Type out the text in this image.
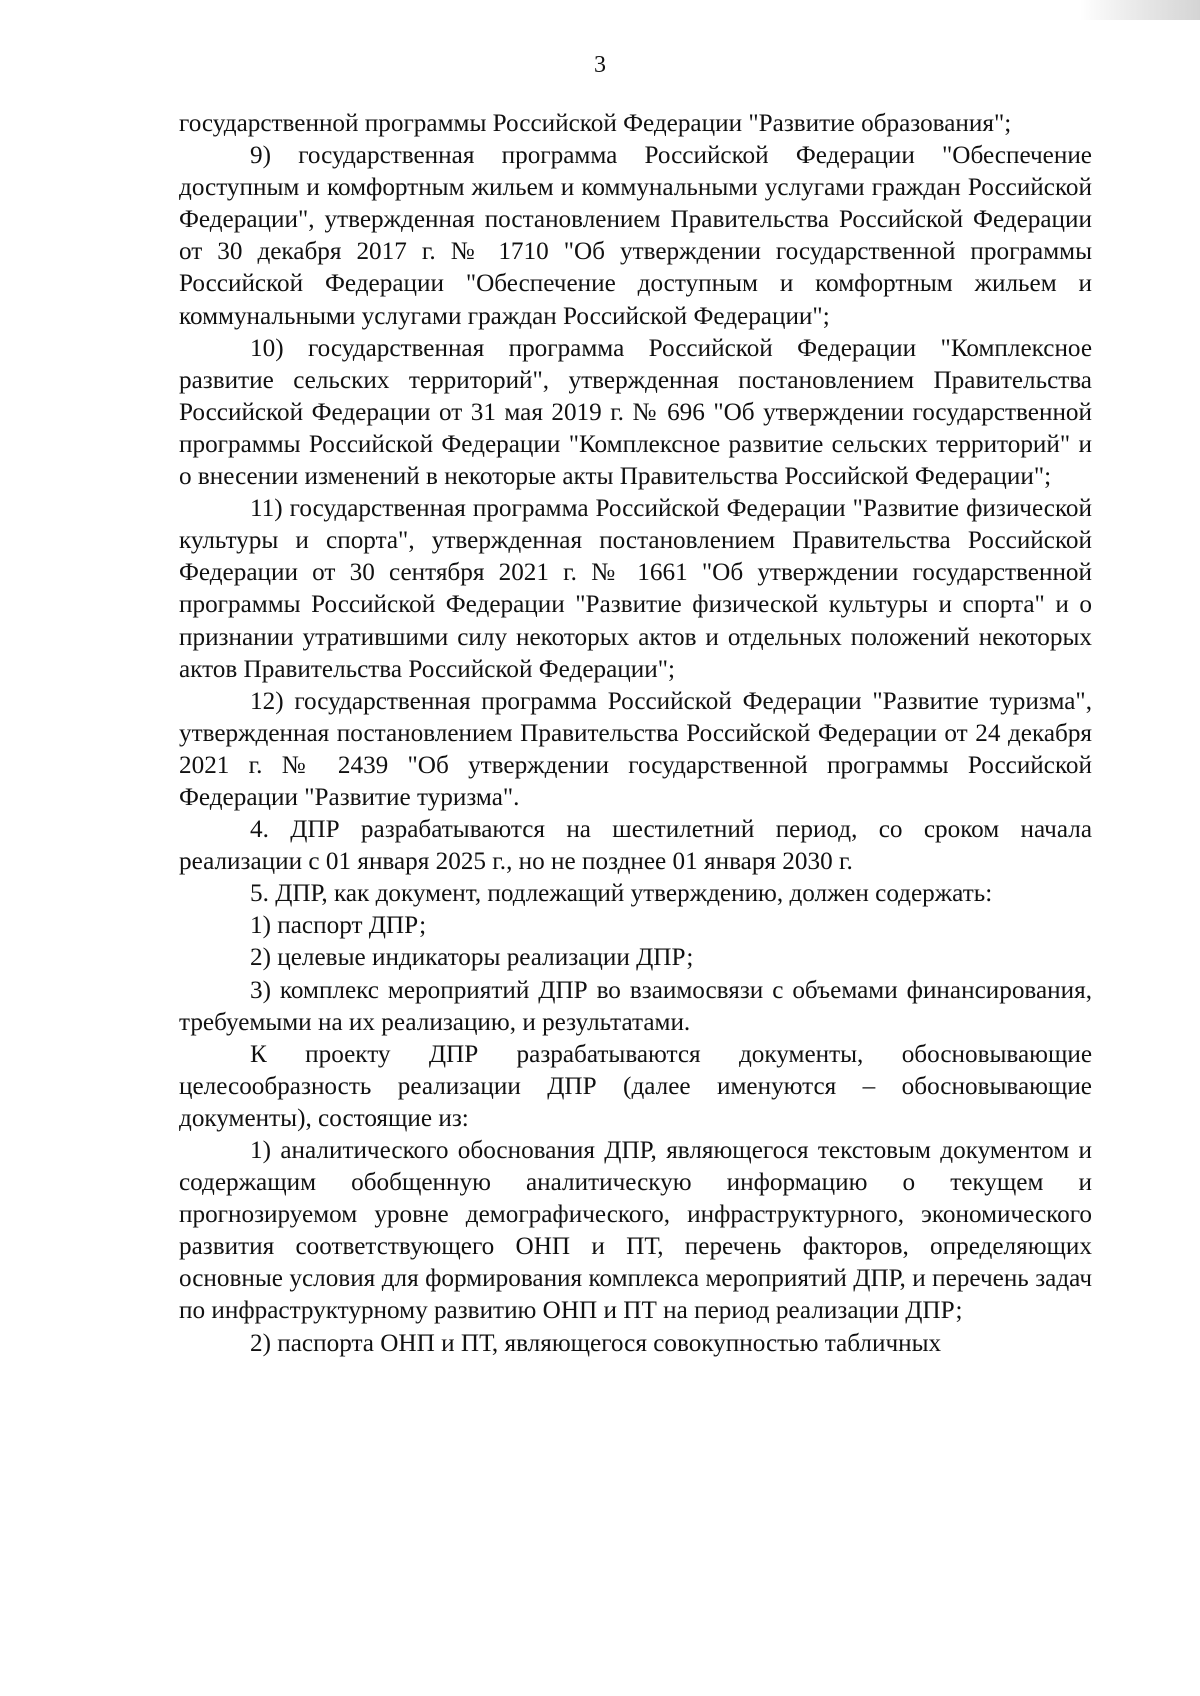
3

государственной программы Российской Федерации "Развитие образования";

9) государственная программа Российской Федерации "Обеспечение доступным и комфортным жильем и коммунальными услугами граждан Российской Федерации", утвержденная постановлением Правительства Российской Федерации от 30 декабря 2017 г. № 1710 "Об утверждении государственной программы Российской Федерации "Обеспечение доступным и комфортным жильем и коммунальными услугами граждан Российской Федерации";

10) государственная программа Российской Федерации "Комплексное развитие сельских территорий", утвержденная постановлением Правительства Российской Федерации от 31 мая 2019 г. № 696 "Об утверждении государственной программы Российской Федерации "Комплексное развитие сельских территорий" и о внесении изменений в некоторые акты Правительства Российской Федерации";

11) государственная программа Российской Федерации "Развитие физической культуры и спорта", утвержденная постановлением Правительства Российской Федерации от 30 сентября 2021 г. № 1661 "Об утверждении государственной программы Российской Федерации "Развитие физической культуры и спорта" и о признании утратившими силу некоторых актов и отдельных положений некоторых актов Правительства Российской Федерации";

12) государственная программа Российской Федерации "Развитие туризма", утвержденная постановлением Правительства Российской Федерации от 24 декабря 2021 г. № 2439 "Об утверждении государственной программы Российской Федерации "Развитие туризма".

4. ДПР разрабатываются на шестилетний период, со сроком начала реализации с 01 января 2025 г., но не позднее 01 января 2030 г.

5. ДПР, как документ, подлежащий утверждению, должен содержать:

1) паспорт ДПР;

2) целевые индикаторы реализации ДПР;

3) комплекс мероприятий ДПР во взаимосвязи с объемами финансирования, требуемыми на их реализацию, и результатами.

К проекту ДПР разрабатываются документы, обосновывающие целесообразность реализации ДПР (далее именуются – обосновывающие документы), состоящие из:

1) аналитического обоснования ДПР, являющегося текстовым документом и содержащим обобщенную аналитическую информацию о текущем и прогнозируемом уровне демографического, инфраструктурного, экономического развития соответствующего ОНП и ПТ, перечень факторов, определяющих основные условия для формирования комплекса мероприятий ДПР, и перечень задач по инфраструктурному развитию ОНП и ПТ на период реализации ДПР;

2) паспорта ОНП и ПТ, являющегося совокупностью табличных
